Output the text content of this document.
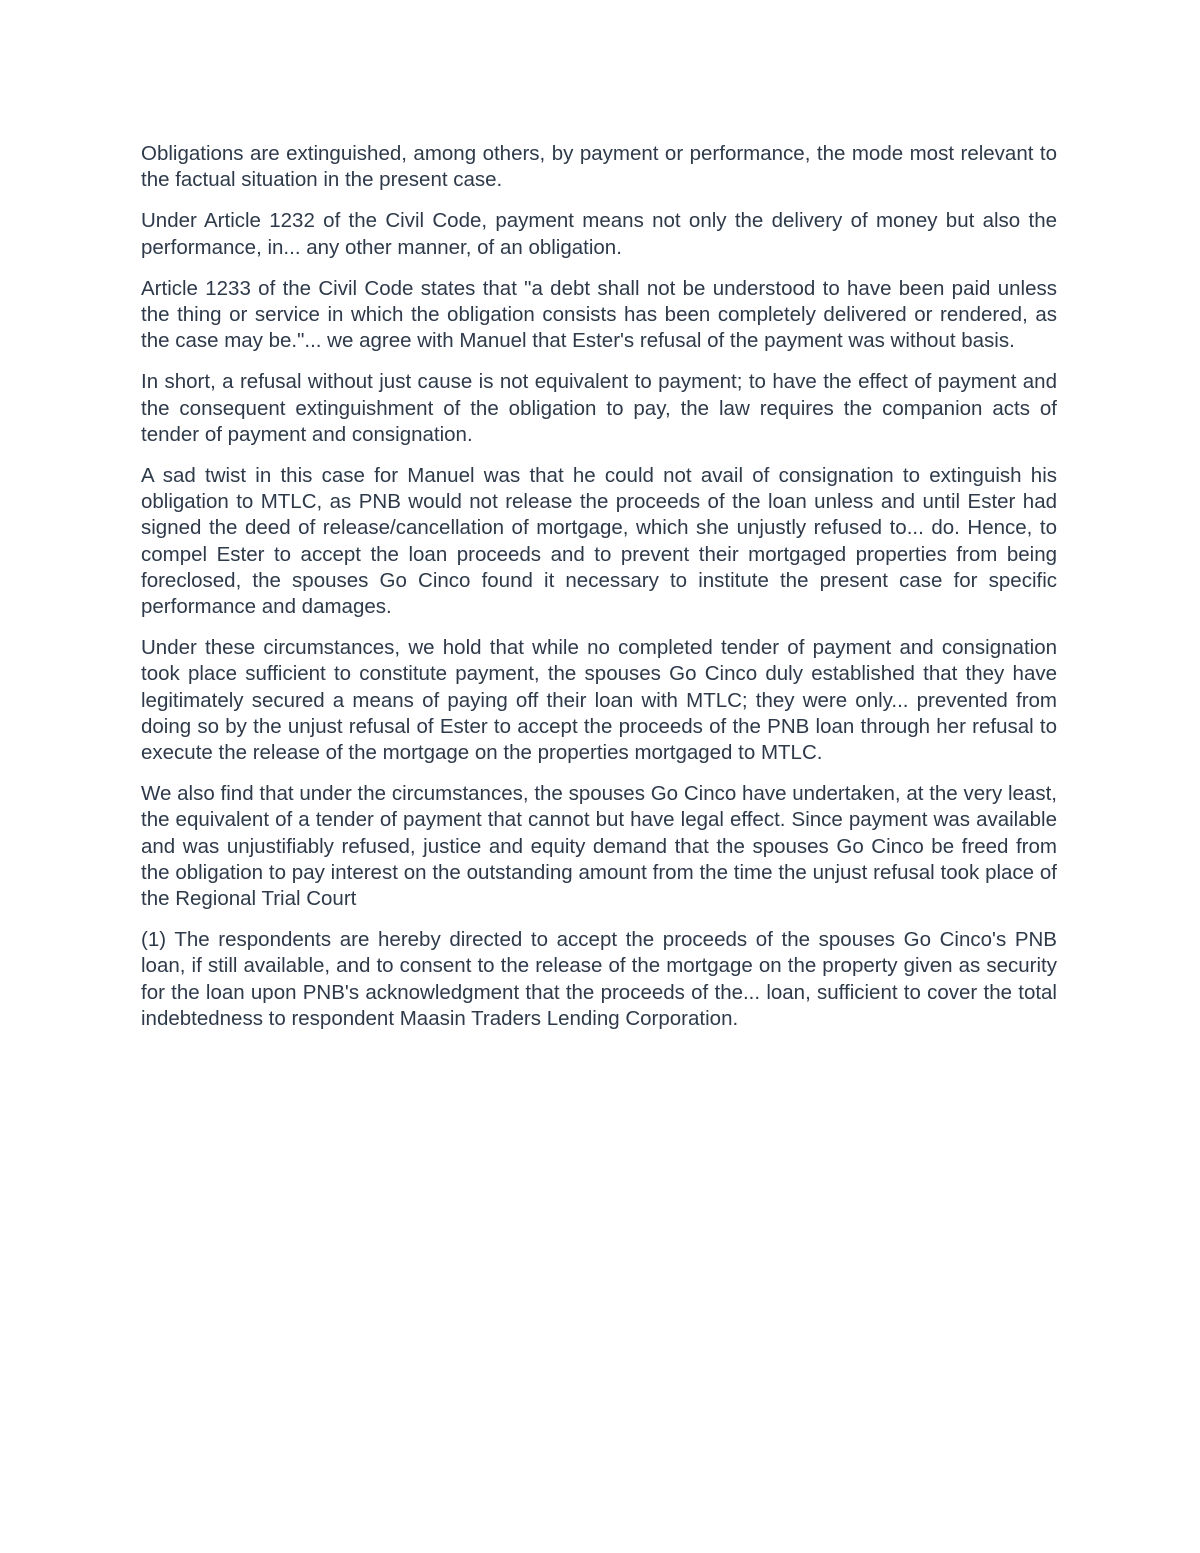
Obligations are extinguished, among others, by payment or performance, the mode most relevant to the factual situation in the present case.

Under Article 1232 of the Civil Code, payment means not only the delivery of money but also the performance, in... any other manner, of an obligation.

Article 1233 of the Civil Code states that "a debt shall not be understood to have been paid unless the thing or service in which the obligation consists has been completely delivered or rendered, as the case may be."... we agree with Manuel that Ester's refusal of the payment was without basis.

In short, a refusal without just cause is not equivalent to payment; to have the effect of payment and the consequent extinguishment of the obligation to pay, the law requires the companion acts of tender of payment and consignation.

A sad twist in this case for Manuel was that he could not avail of consignation to extinguish his obligation to MTLC, as PNB would not release the proceeds of the loan unless and until Ester had signed the deed of release/cancellation of mortgage, which she unjustly refused to... do. Hence, to compel Ester to accept the loan proceeds and to prevent their mortgaged properties from being foreclosed, the spouses Go Cinco found it necessary to institute the present case for specific performance and damages.

Under these circumstances, we hold that while no completed tender of payment and consignation took place sufficient to constitute payment, the spouses Go Cinco duly established that they have legitimately secured a means of paying off their loan with MTLC; they were only... prevented from doing so by the unjust refusal of Ester to accept the proceeds of the PNB loan through her refusal to execute the release of the mortgage on the properties mortgaged to MTLC.

We also find that under the circumstances, the spouses Go Cinco have undertaken, at the very least, the equivalent of a tender of payment that cannot but have legal effect. Since payment was available and was unjustifiably refused, justice and equity demand that the spouses Go Cinco be freed from the obligation to pay interest on the outstanding amount from the time the unjust refusal took place of the Regional Trial Court

(1) The respondents are hereby directed to accept the proceeds of the spouses Go Cinco's PNB loan, if still available, and to consent to the release of the mortgage on the property given as security for the loan upon PNB's acknowledgment that the proceeds of the... loan, sufficient to cover the total indebtedness to respondent Maasin Traders Lending Corporation.
